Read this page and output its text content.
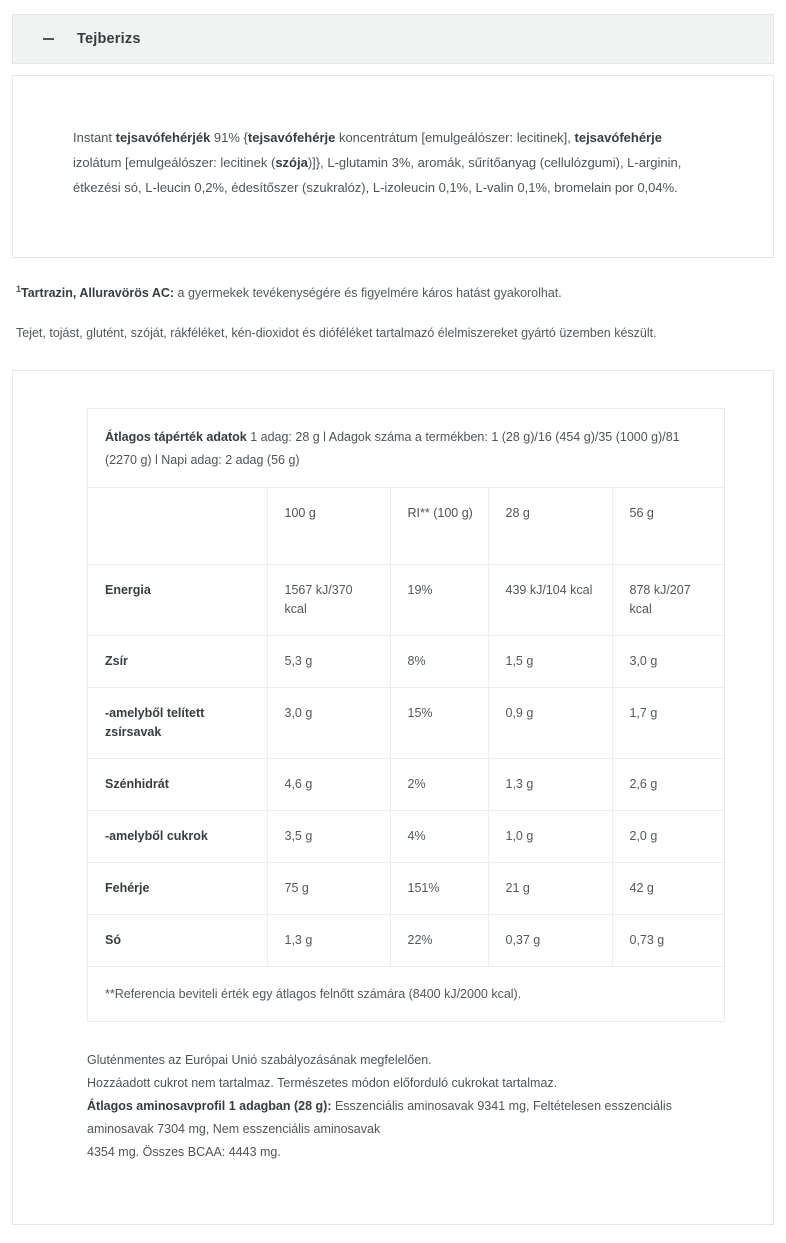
Tejberizs

Instant tejsavófehérjék 91% {tejsavófehérje koncentrátum [emulgeálószer: lecitinek], tejsavófehérje izolátum [emulgeálószer: lecitinek (szója)]}, L-glutamin 3%, aromák, sűrítőanyag (cellulózgumi), L-arginin, étkezési só, L-leucin 0,2%, édesítőszer (szukralóz), L-izoleucin 0,1%, L-valin 0,1%, bromelain por 0,04%.

$^1$Tartrazin, Alluravörös AC: a gyermekek tevékenységére és figyelmére káros hatást gyakorolhat.

Tejet, tojást, glutént, szóját, rákféléket, kén-dioxidot és dióféléket tartalmazó élelmiszereket gyártó üzemben készült.

Átlagos tápérték adatok 1 adag: 28 g l Adagok száma a termékben: 1 (28 g)/16 (454 g)/35 (1000 g)/81 (2270 g) l Napi adag: 2 adag (56 g)
	100 g	RI** (100 g)	28 g	56 g
Energia	1567 kJ/370 kcal	19%	439 kJ/104 kcal	878 kJ/207 kcal
Zsír	5,3 g	8%	1,5 g	3,0 g
-amelyből telített zsírsavak	3,0 g	15%	0,9 g	1,7 g
Szénhidrát	4,6 g	2%	1,3 g	2,6 g
-amelyből cukrok	3,5 g	4%	1,0 g	2,0 g
Fehérje	75 g	151%	21 g	42 g
Só	1,3 g	22%	0,37 g	0,73 g
**Referencia beviteli érték egy átlagos felnőtt számára (8400 kJ/2000 kcal).
Gluténmentes az Európai Unió szabályozásának megfelelően.
Hozzáadott cukrot nem tartalmaz. Természetes módon előforduló cukrokat tartalmaz.
Átlagos aminosavprofil 1 adagban (28 g): Esszenciális aminosavak 9341 mg, Feltételesen esszenciális aminosavak 7304 mg, Nem esszenciális aminosavak
4354 mg. Összes BCAA: 4443 mg.
